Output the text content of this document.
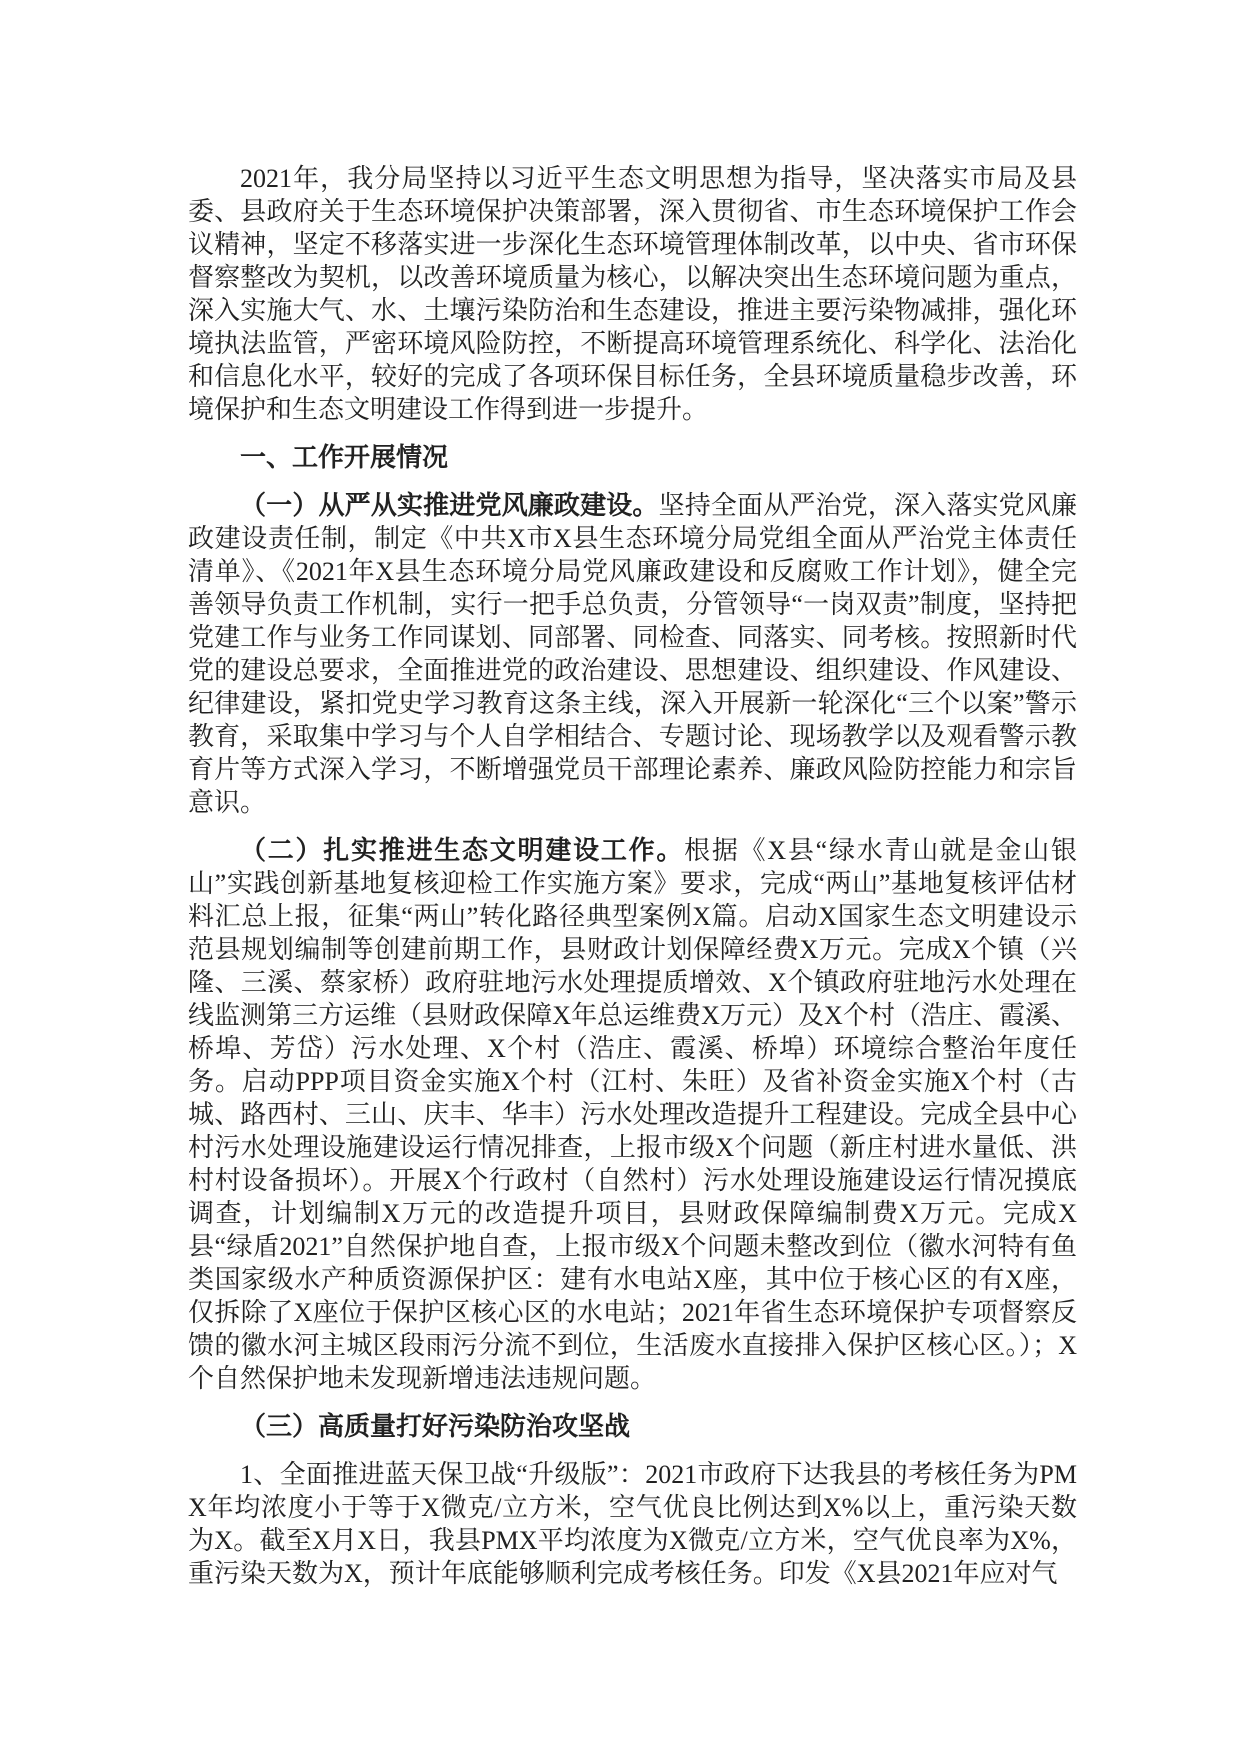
2021年，我分局坚持以习近平生态文明思想为指导，坚决落实市局及县委、县政府关于生态环境保护决策部署，深入贯彻省、市生态环境保护工作会议精神，坚定不移落实进一步深化生态环境管理体制改革，以中央、省市环保督察整改为契机，以改善环境质量为核心，以解决突出生态环境问题为重点，深入实施大气、水、土壤污染防治和生态建设，推进主要污染物减排，强化环境执法监管，严密环境风险防控，不断提高环境管理系统化、科学化、法治化和信息化水平，较好的完成了各项环保目标任务，全县环境质量稳步改善，环境保护和生态文明建设工作得到进一步提升。

一、工作开展情况

（一）从严从实推进党风廉政建设。坚持全面从严治党，深入落实党风廉政建设责任制，制定《中共X市X县生态环境分局党组全面从严治党主体责任清单》、《2021年X县生态环境分局党风廉政建设和反腐败工作计划》，健全完善领导负责工作机制，实行一把手总负责，分管领导“一岗双责”制度，坚持把党建工作与业务工作同谋划、同部署、同检查、同落实、同考核。按照新时代党的建设总要求，全面推进党的政治建设、思想建设、组织建设、作风建设、纪律建设，紧扣党史学习教育这条主线，深入开展新一轮深化“三个以案”警示教育，采取集中学习与个人自学相结合、专题讨论、现场教学以及观看警示教育片等方式深入学习，不断增强党员干部理论素养、廉政风险防控能力和宗旨意识。

（二）扎实推进生态文明建设工作。根据《X县“绿水青山就是金山银山”实践创新基地复核迎检工作实施方案》要求，完成“两山”基地复核评估材料汇总上报，征集“两山”转化路径典型案例X篇。启动X国家生态文明建设示范县规划编制等创建前期工作，县财政计划保障经费X万元。完成X个镇（兴隆、三溪、蔡家桥）政府驻地污水处理提质增效、X个镇政府驻地污水处理在线监测第三方运维（县财政保障X年总运维费X万元）及X个村（浩庄、霞溪、桥埠、芳岱）污水处理、X个村（浩庄、霞溪、桥埠）环境综合整治年度任务。启动PPP项目资金实施X个村（江村、朱旺）及省补资金实施X个村（古城、路西村、三山、庆丰、华丰）污水处理改造提升工程建设。完成全县中心村污水处理设施建设运行情况排查，上报市级X个问题（新庄村进水量低、洪村村设备损坏）。开展X个行政村（自然村）污水处理设施建设运行情况摸底调查，计划编制X万元的改造提升项目，县财政保障编制费X万元。完成X县“绿盾2021”自然保护地自查，上报市级X个问题未整改到位（徽水河特有鱼类国家级水产种质资源保护区：建有水电站X座，其中位于核心区的有X座，仅拆除了X座位于保护区核心区的水电站；2021年省生态环境保护专项督察反馈的徽水河主城区段雨污分流不到位，生活废水直接排入保护区核心区。）；X个自然保护地未发现新增违法违规问题。

（三）高质量打好污染防治攻坚战

1、全面推进蓝天保卫战“升级版”：2021市政府下达我县的考核任务为PMX年均浓度小于等于X微克/立方米，空气优良比例达到X%以上，重污染天数为X。截至X月X日，我县PMX平均浓度为X微克/立方米，空气优良率为X%，重污染天数为X，预计年底能够顺利完成考核任务。印发《X县2021年应对气
